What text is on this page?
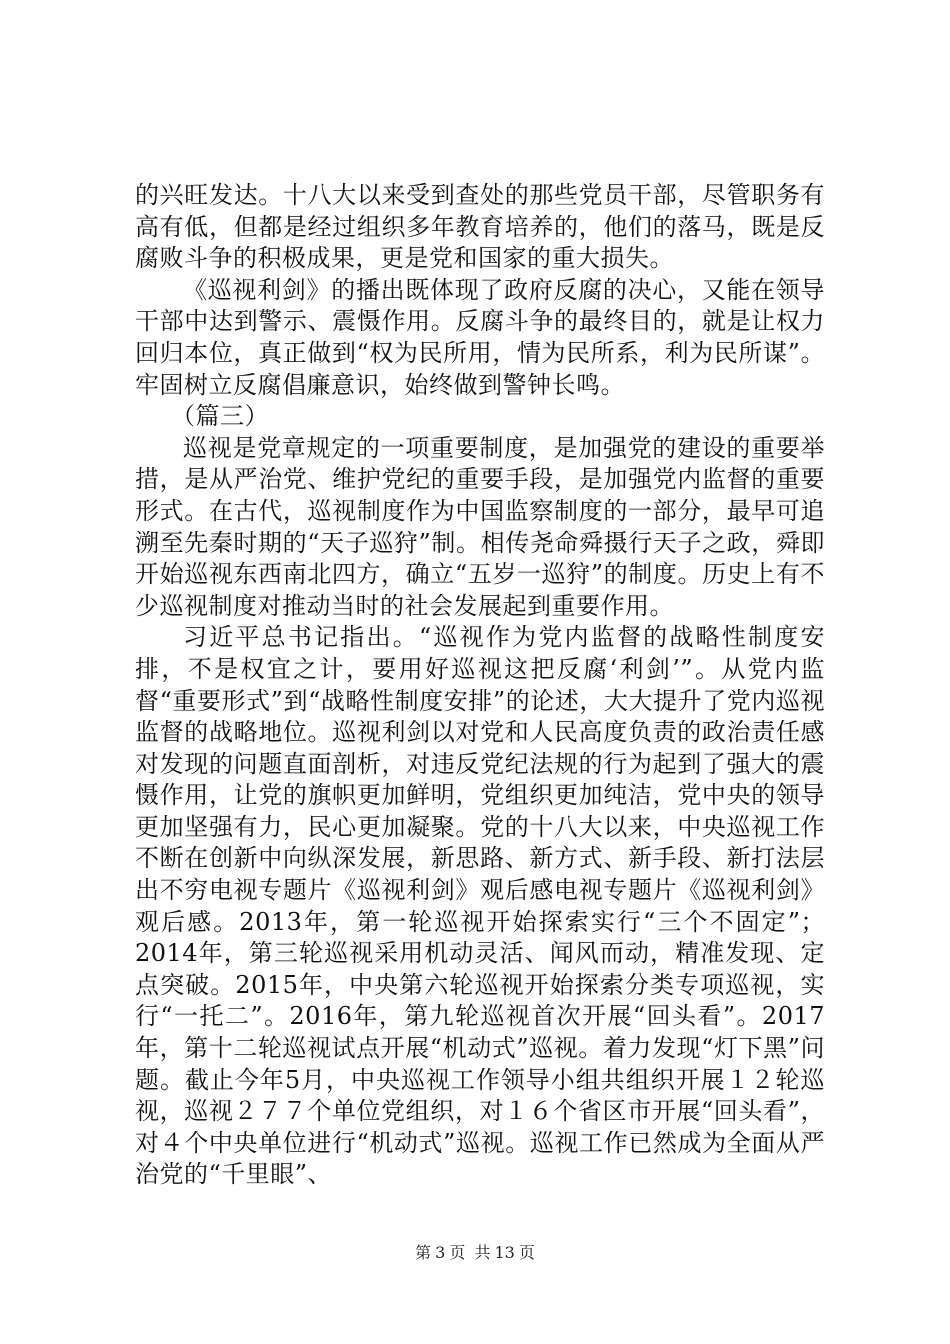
的兴旺发达。十八大以来受到查处的那些党员干部，尽管职务有高有低，但都是经过组织多年教育培养的，他们的落马，既是反腐败斗争的积极成果，更是党和国家的重大损失。

《巡视利剑》的播出既体现了政府反腐的决心，又能在领导干部中达到警示、震慑作用。反腐斗争的最终目的，就是让权力回归本位，真正做到“权为民所用，情为民所系，利为民所谋”。牢固树立反腐倡廉意识，始终做到警钟长鸣。

（篇三）

巡视是党章规定的一项重要制度，是加强党的建设的重要举措，是从严治党、维护党纪的重要手段，是加强党内监督的重要形式。在古代，巡视制度作为中国监察制度的一部分，最早可追溯至先秦时期的“天子巡狩”制。相传尧命舜摄行天子之政，舜即开始巡视东西南北四方，确立“五岁一巡狩”的制度。历史上有不少巡视制度对推动当时的社会发展起到重要作用。

习近平总书记指出。“巡视作为党内监督的战略性制度安排，不是权宜之计，要用好巡视这把反腐‘利剑’”。从党内监督“重要形式”到“战略性制度安排”的论述，大大提升了党内巡视监督的战略地位。巡视利剑以对党和人民高度负责的政治责任感对发现的问题直面剖析，对违反党纪法规的行为起到了强大的震慑作用，让党的旗帜更加鲜明，党组织更加纯洁，党中央的领导更加坚强有力，民心更加凝聚。党的十八大以来，中央巡视工作不断在创新中向纵深发展，新思路、新方式、新手段、新打法层出不穷电视专题片《巡视利剑》观后感电视专题片《巡视利剑》观后感。2013年，第一轮巡视开始探索实行“三个不固定”；2014年，第三轮巡视采用机动灵活、闻风而动，精准发现、定点突破。2015年，中央第六轮巡视开始探索分类专项巡视，实行“一托二”。2016年，第九轮巡视首次开展“回头看”。2017年，第十二轮巡视试点开展“机动式”巡视。着力发现“灯下黑”问题。截止今年5月，中央巡视工作领导小组共组织开展１２轮巡视，巡视２７７个单位党组织，对１６个省区市开展“回头看”，对４个中央单位进行“机动式”巡视。巡视工作已然成为全面从严治党的“千里眼”、

第 3 页 共 13 页
